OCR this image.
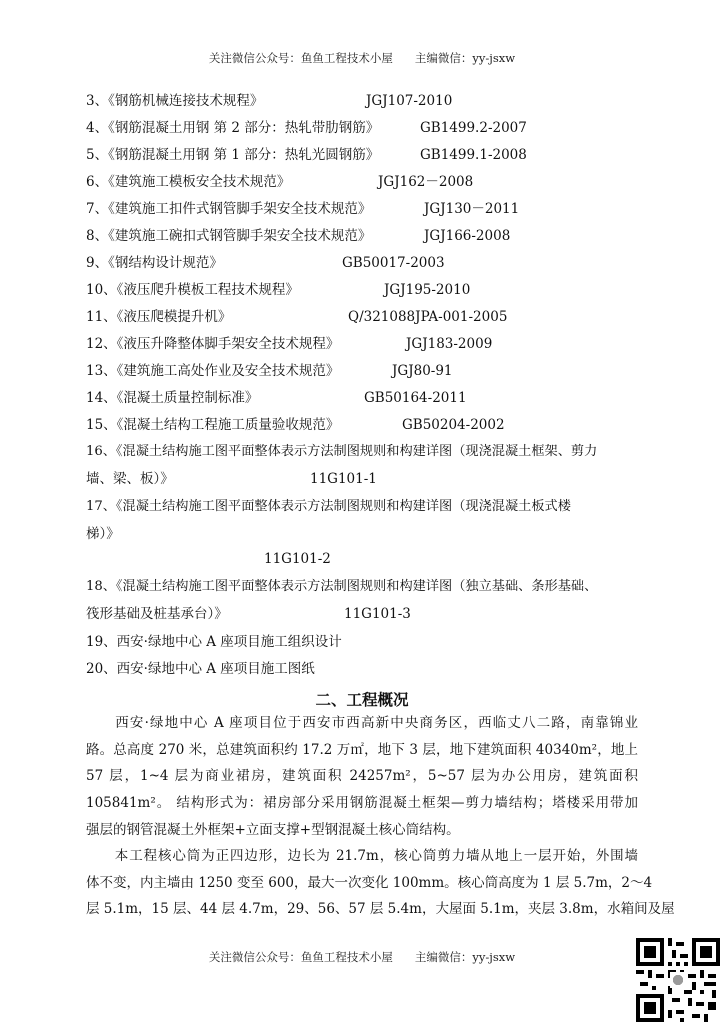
关注微信公众号：鱼鱼工程技术小屋 主编微信：yy-jsxw
3、《钢筋机械连接技术规程》	JGJ107-2010
4、《钢筋混凝土用钢 第 2 部分：热轧带肋钢筋》	GB1499.2-2007
5、《钢筋混凝土用钢 第 1 部分：热轧光圆钢筋》	GB1499.1-2008
6、《建筑施工模板安全技术规范》	JGJ162－2008
7、《建筑施工扣件式钢管脚手架安全技术规范》	JGJ130－2011
8、《建筑施工碗扣式钢管脚手架安全技术规范》	JGJ166-2008
9、《钢结构设计规范》	GB50017-2003
10、《液压爬升模板工程技术规程》	JGJ195-2010
11、《液压爬模提升机》	Q/321088JPA-001-2005
12、《液压升降整体脚手架安全技术规程》	JGJ183-2009
13、《建筑施工高处作业及安全技术规范》	JGJ80-91
14、《混凝土质量控制标准》	GB50164-2011
15、《混凝土结构工程施工质量验收规范》	GB50204-2002
16、《混凝土结构施工图平面整体表示方法制图规则和构建详图（现浇混凝土框架、剪力
墙、梁、板）》	11G101-1
17、《混凝土结构施工图平面整体表示方法制图规则和构建详图（现浇混凝土板式楼
梯）》
11G101-2
18、《混凝土结构施工图平面整体表示方法制图规则和构建详图（独立基础、条形基础、
筏形基础及桩基承台）》	11G101-3
19、西安·绿地中心 A 座项目施工组织设计
20、西安·绿地中心 A 座项目施工图纸
二、工程概况
　　西安·绿地中心 A 座项目位于西安市西高新中央商务区，西临丈八二路，南靠锦业
路。总高度 270 米，总建筑面积约 17.2 万㎡，地下 3 层，地下建筑面积 40340m²，地上
57 层，1~4 层为商业裙房，建筑面积 24257m²，5~57 层为办公用房，建筑面积
105841m²。 结构形式为：裙房部分采用钢筋混凝土框架—剪力墙结构；塔楼采用带加
强层的钢管混凝土外框架+立面支撑+型钢混凝土核心筒结构。
　　本工程核心筒为正四边形，边长为 21.7m，核心筒剪力墙从地上一层开始，外围墙
体不变，内主墙由 1250 变至 600，最大一次变化 100mm。核心筒高度为 1 层 5.7m，2～4
层 5.1m，15 层、44 层 4.7m，29、56、57 层 5.4m，大屋面 5.1m，夹层 3.8m，水箱间及屋
关注微信公众号：鱼鱼工程技术小屋 主编微信：yy-jsxw
